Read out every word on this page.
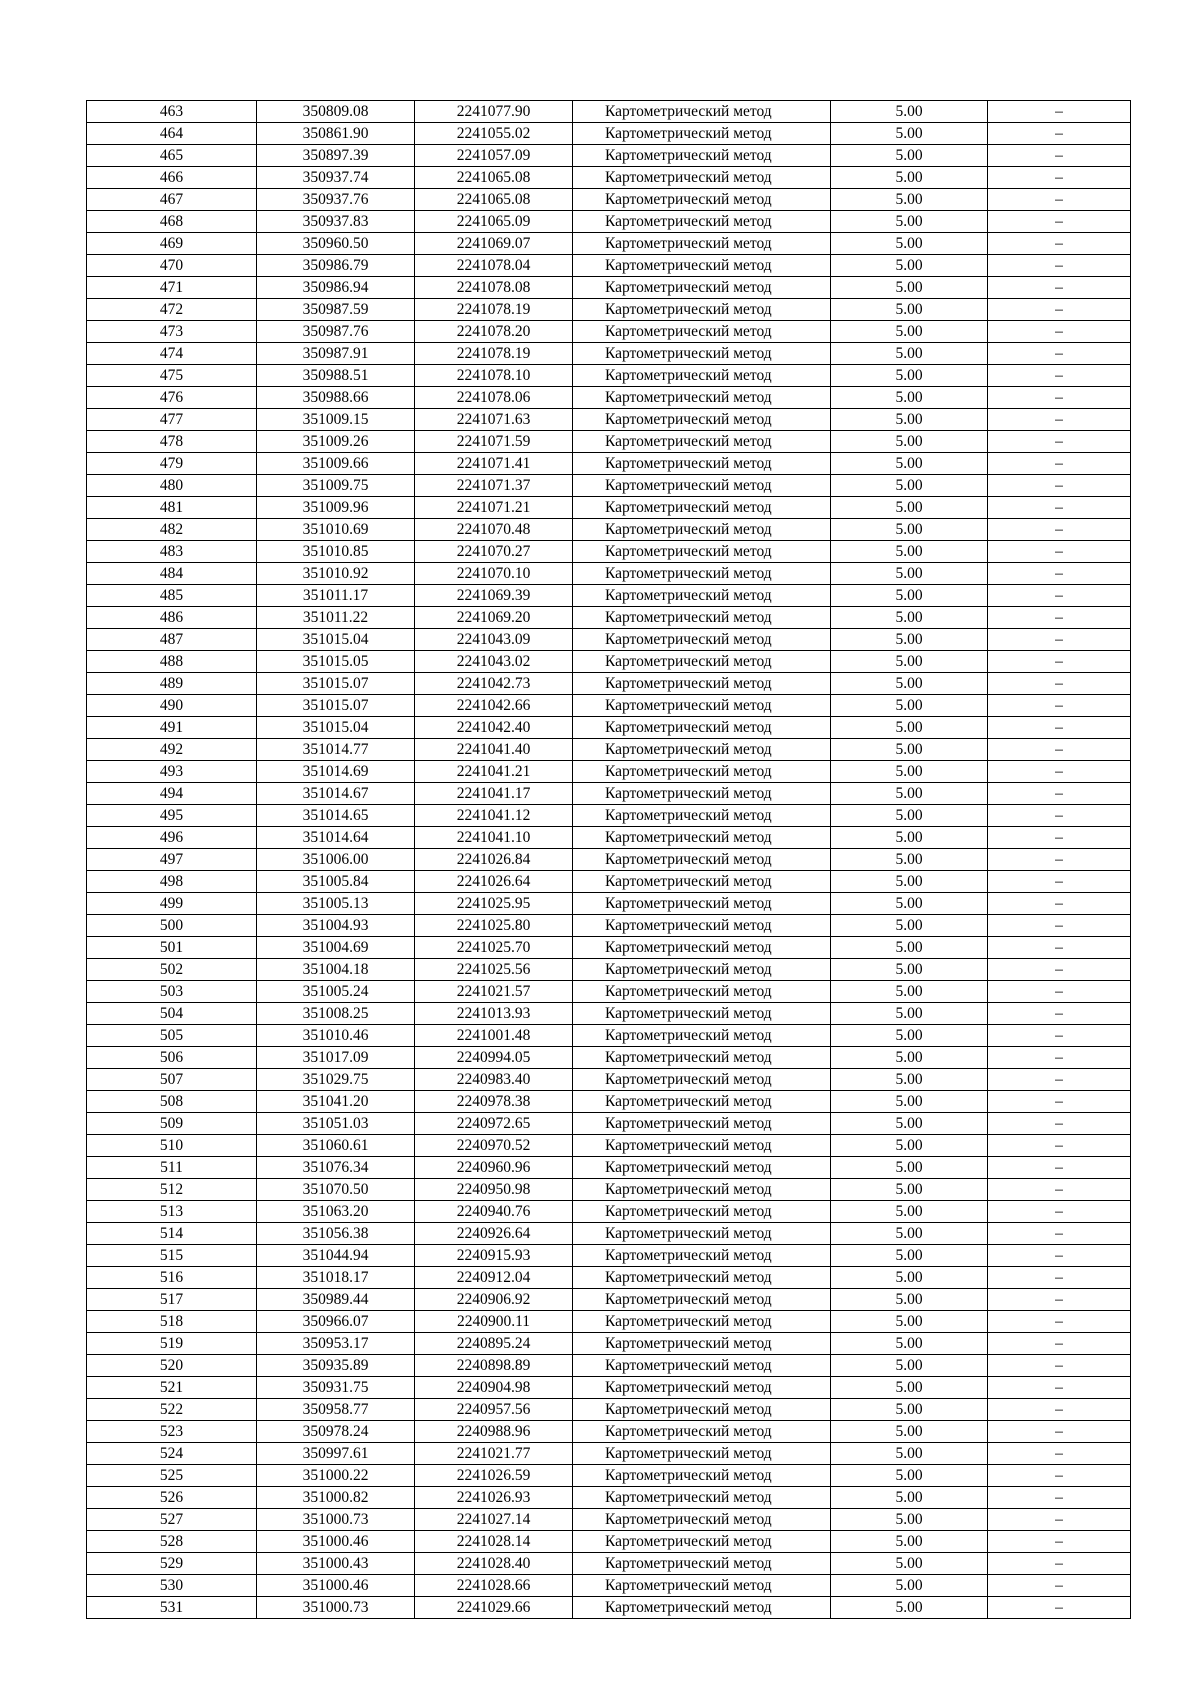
463	350809.08	2241077.90	Картометрический метод	5.00	–
464	350861.90	2241055.02	Картометрический метод	5.00	–
465	350897.39	2241057.09	Картометрический метод	5.00	–
466	350937.74	2241065.08	Картометрический метод	5.00	–
467	350937.76	2241065.08	Картометрический метод	5.00	–
468	350937.83	2241065.09	Картометрический метод	5.00	–
469	350960.50	2241069.07	Картометрический метод	5.00	–
470	350986.79	2241078.04	Картометрический метод	5.00	–
471	350986.94	2241078.08	Картометрический метод	5.00	–
472	350987.59	2241078.19	Картометрический метод	5.00	–
473	350987.76	2241078.20	Картометрический метод	5.00	–
474	350987.91	2241078.19	Картометрический метод	5.00	–
475	350988.51	2241078.10	Картометрический метод	5.00	–
476	350988.66	2241078.06	Картометрический метод	5.00	–
477	351009.15	2241071.63	Картометрический метод	5.00	–
478	351009.26	2241071.59	Картометрический метод	5.00	–
479	351009.66	2241071.41	Картометрический метод	5.00	–
480	351009.75	2241071.37	Картометрический метод	5.00	–
481	351009.96	2241071.21	Картометрический метод	5.00	–
482	351010.69	2241070.48	Картометрический метод	5.00	–
483	351010.85	2241070.27	Картометрический метод	5.00	–
484	351010.92	2241070.10	Картометрический метод	5.00	–
485	351011.17	2241069.39	Картометрический метод	5.00	–
486	351011.22	2241069.20	Картометрический метод	5.00	–
487	351015.04	2241043.09	Картометрический метод	5.00	–
488	351015.05	2241043.02	Картометрический метод	5.00	–
489	351015.07	2241042.73	Картометрический метод	5.00	–
490	351015.07	2241042.66	Картометрический метод	5.00	–
491	351015.04	2241042.40	Картометрический метод	5.00	–
492	351014.77	2241041.40	Картометрический метод	5.00	–
493	351014.69	2241041.21	Картометрический метод	5.00	–
494	351014.67	2241041.17	Картометрический метод	5.00	–
495	351014.65	2241041.12	Картометрический метод	5.00	–
496	351014.64	2241041.10	Картометрический метод	5.00	–
497	351006.00	2241026.84	Картометрический метод	5.00	–
498	351005.84	2241026.64	Картометрический метод	5.00	–
499	351005.13	2241025.95	Картометрический метод	5.00	–
500	351004.93	2241025.80	Картометрический метод	5.00	–
501	351004.69	2241025.70	Картометрический метод	5.00	–
502	351004.18	2241025.56	Картометрический метод	5.00	–
503	351005.24	2241021.57	Картометрический метод	5.00	–
504	351008.25	2241013.93	Картометрический метод	5.00	–
505	351010.46	2241001.48	Картометрический метод	5.00	–
506	351017.09	2240994.05	Картометрический метод	5.00	–
507	351029.75	2240983.40	Картометрический метод	5.00	–
508	351041.20	2240978.38	Картометрический метод	5.00	–
509	351051.03	2240972.65	Картометрический метод	5.00	–
510	351060.61	2240970.52	Картометрический метод	5.00	–
511	351076.34	2240960.96	Картометрический метод	5.00	–
512	351070.50	2240950.98	Картометрический метод	5.00	–
513	351063.20	2240940.76	Картометрический метод	5.00	–
514	351056.38	2240926.64	Картометрический метод	5.00	–
515	351044.94	2240915.93	Картометрический метод	5.00	–
516	351018.17	2240912.04	Картометрический метод	5.00	–
517	350989.44	2240906.92	Картометрический метод	5.00	–
518	350966.07	2240900.11	Картометрический метод	5.00	–
519	350953.17	2240895.24	Картометрический метод	5.00	–
520	350935.89	2240898.89	Картометрический метод	5.00	–
521	350931.75	2240904.98	Картометрический метод	5.00	–
522	350958.77	2240957.56	Картометрический метод	5.00	–
523	350978.24	2240988.96	Картометрический метод	5.00	–
524	350997.61	2241021.77	Картометрический метод	5.00	–
525	351000.22	2241026.59	Картометрический метод	5.00	–
526	351000.82	2241026.93	Картометрический метод	5.00	–
527	351000.73	2241027.14	Картометрический метод	5.00	–
528	351000.46	2241028.14	Картометрический метод	5.00	–
529	351000.43	2241028.40	Картометрический метод	5.00	–
530	351000.46	2241028.66	Картометрический метод	5.00	–
531	351000.73	2241029.66	Картометрический метод	5.00	–
